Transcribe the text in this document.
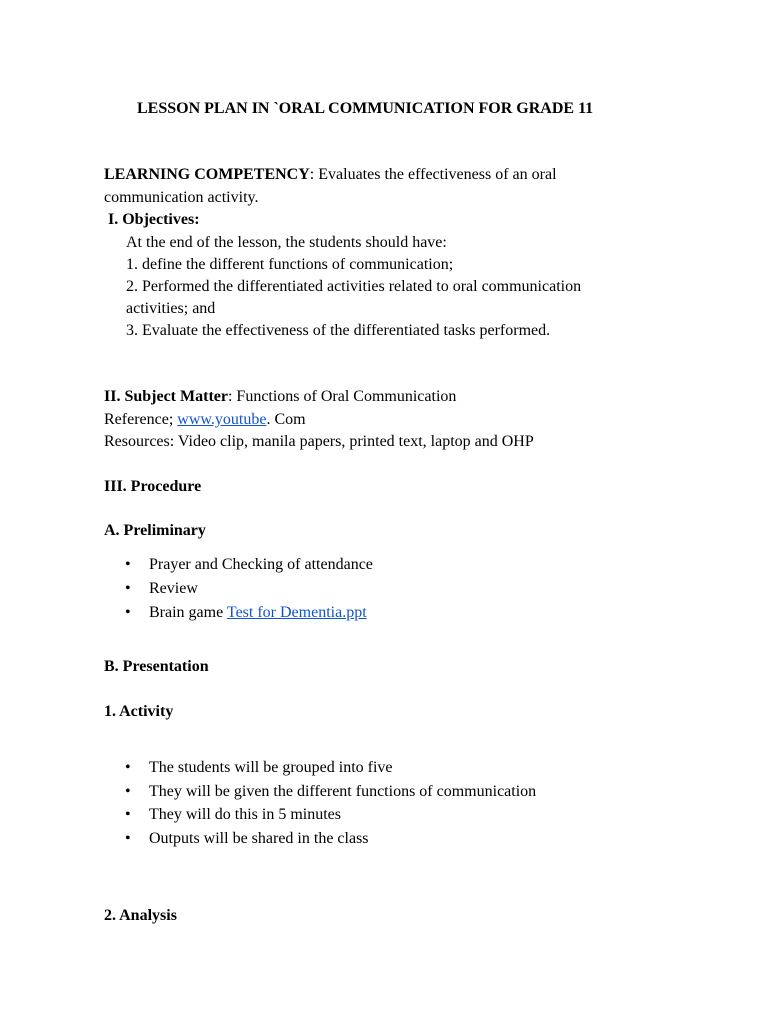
LESSON PLAN IN `ORAL COMMUNICATION FOR GRADE 11
LEARNING COMPETENCY: Evaluates the effectiveness of an oral
communication activity.
I. Objectives:
At the end of the lesson, the students should have:
1. define the different functions of communication;
2. Performed the differentiated activities related to oral communication
activities; and
3. Evaluate the effectiveness of the differentiated tasks performed.
II. Subject Matter: Functions of Oral Communication
Reference; www.youtube. Com
Resources: Video clip, manila papers, printed text, laptop and OHP
III. Procedure
A. Preliminary
• Prayer and Checking of attendance
• Review
• Brain game Test for Dementia.ppt
B. Presentation
1. Activity
• The students will be grouped into five
• They will be given the different functions of communication
• They will do this in 5 minutes
• Outputs will be shared in the class
2. Analysis
